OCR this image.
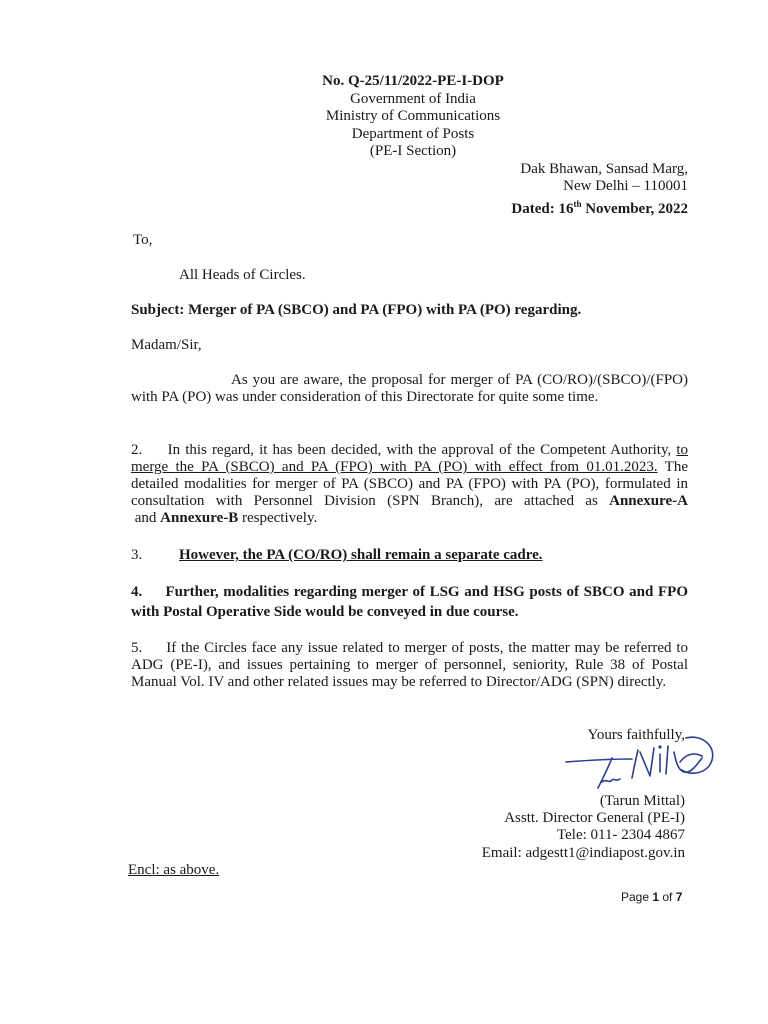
No. Q-25/11/2022-PE-I-DOP
Government of India
Ministry of Communications
Department of Posts
(PE-I Section)
Dak Bhawan, Sansad Marg,
New Delhi – 110001
Dated: 16th November, 2022
To,
All Heads of Circles.
Subject: Merger of PA (SBCO) and PA (FPO) with PA (PO) regarding.
Madam/Sir,
As you are aware, the proposal for merger of PA (CO/RO)/(SBCO)/(FPO) with PA (PO) was under consideration of this Directorate for quite some time.
2.     In this regard, it has been decided, with the approval of the Competent Authority, to merge the PA (SBCO) and PA (FPO) with PA (PO) with effect from 01.01.2023. The detailed modalities for merger of PA (SBCO) and PA (FPO) with PA (PO), formulated in consultation with Personnel Division (SPN Branch), are attached as Annexure-A and Annexure-B respectively.
3. However, the PA (CO/RO) shall remain a separate cadre.
4.     Further, modalities regarding merger of LSG and HSG posts of SBCO and FPO with Postal Operative Side would be conveyed in due course.
5.     If the Circles face any issue related to merger of posts, the matter may be referred to ADG (PE-I), and issues pertaining to merger of personnel, seniority, Rule 38 of Postal Manual Vol. IV and other related issues may be referred to Director/ADG (SPN) directly.
Yours faithfully,
(Tarun Mittal)
Asstt. Director General (PE-I)
Tele: 011- 2304 4867
Email: adgestt1@indiapost.gov.in
Encl: as above.
Page 1 of 7
